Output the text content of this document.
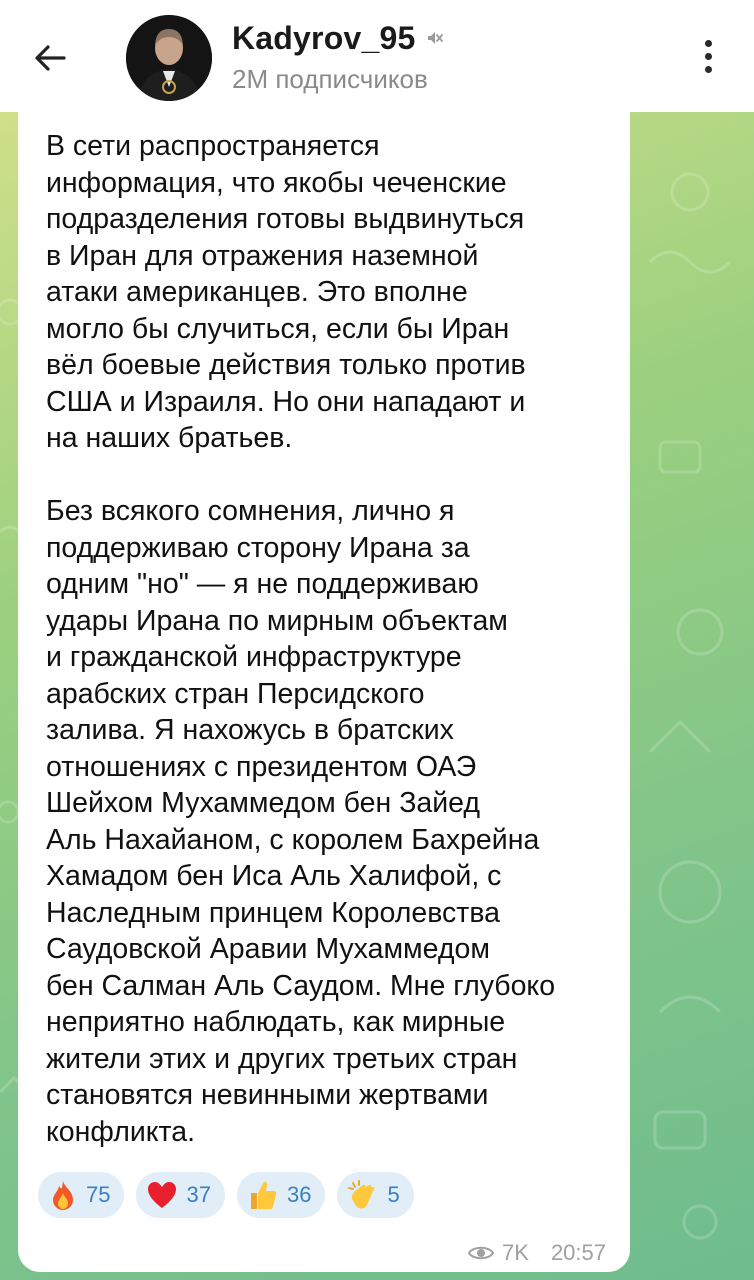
Kadyrov_95
2M подписчиков
В сети распространяется
информация, что якобы чеченские
подразделения готовы выдвинуться
в Иран для отражения наземной
атаки американцев. Это вполне
могло бы случиться, если бы Иран
вёл боевые действия только против
США и Израиля. Но они нападают и
на наших братьев.

Без всякого сомнения, лично я
поддерживаю сторону Ирана за
одним "но" — я не поддерживаю
удары Ирана по мирным объектам
и гражданской инфраструктуре
арабских стран Персидского
залива. Я нахожусь в братских
отношениях с президентом ОАЭ
Шейхом Мухаммедом бен Зайед
Аль Нахайаном, с королем Бахрейна
Хамадом бен Иса Аль Халифой, с
Наследным принцем Королевства
Саудовской Аравии Мухаммедом
бен Салман Аль Саудом. Мне глубоко
неприятно наблюдать, как мирные
жители этих и других третьих стран
становятся невинными жертвами
конфликта.
75	37	36	5
7K 20:57
